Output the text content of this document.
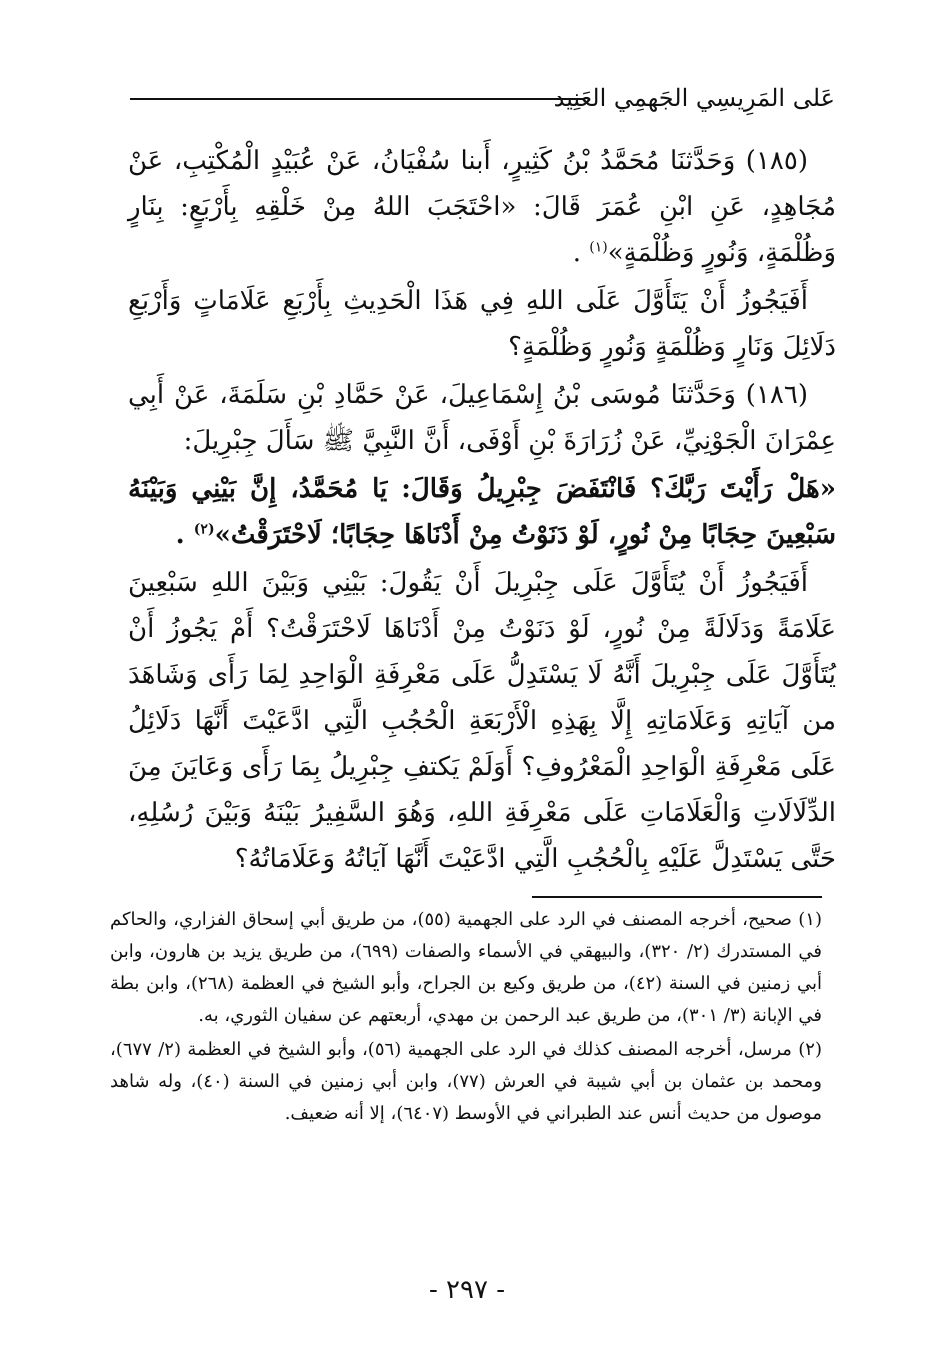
عَلى المَرِيسِي الجَهمِي العَنِيد

(١٨٥) وَحَدَّثنَا مُحَمَّدُ بْنُ كَثِيرٍ، أَبنا سُفْيَانُ، عَنْ عُبَيْدٍ الْمُكْتِبِ، عَنْ مُجَاهِدٍ، عَنِ ابْنِ عُمَرَ قَالَ: «احْتَجَبَ اللهُ مِنْ خَلْقِهِ بِأَرْبَعٍ: بِنَارٍ وَظُلْمَةٍ، وَنُورٍ وَظُلْمَةٍ»$^{(١)}$ .

أَفَيَجُوزُ أَنْ يَتَأَوَّلَ عَلَى اللهِ فِي هَذَا الْحَدِيثِ بِأَرْبَعِ عَلَامَاتٍ وَأَرْبَعِ دَلَائِلَ وَنَارٍ وَظُلْمَةٍ وَنُورٍ وَظُلْمَةٍ؟

(١٨٦) وَحَدَّثنَا مُوسَى بْنُ إِسْمَاعِيلَ، عَنْ حَمَّادِ بْنِ سَلَمَةَ، عَنْ أَبِي عِمْرَانَ الْجَوْنِيِّ، عَنْ زُرَارَةَ بْنِ أَوْفَى، أَنَّ النَّبِيَّ ﷺ سَأَلَ جِبْرِيلَ:

«هَلْ رَأَيْتَ رَبَّكَ؟ فَانْتَفَضَ جِبْرِيلُ وَقَالَ: يَا مُحَمَّدُ، إِنَّ بَيْنِي وَبَيْنَهُ سَبْعِينَ حِجَابًا مِنْ نُورٍ، لَوْ دَنَوْتُ مِنْ أَدْنَاهَا حِجَابًا؛ لَاحْتَرَقْتُ»$^{(٢)}$ .

أَفَيَجُوزُ أَنْ يُتَأَوَّلَ عَلَى جِبْرِيلَ أَنْ يَقُولَ: بَيْنِي وَبَيْنَ اللهِ سَبْعِينَ عَلَامَةً وَدَلَالَةً مِنْ نُورٍ، لَوْ دَنَوْتُ مِنْ أَدْنَاهَا لَاحْتَرَقْتُ؟ أَمْ يَجُوزُ أَنْ يُتَأَوَّلَ عَلَى جِبْرِيلَ أَنَّهُ لَا يَسْتَدِلُّ عَلَى مَعْرِفَةِ الْوَاحِدِ لِمَا رَأَى وَشَاهَدَ من آيَاتِهِ وَعَلَامَاتِهِ إِلَّا بِهَذِهِ الْأَرْبَعَةِ الْحُجُبِ الَّتِي ادَّعَيْتَ أَنَّهَا دَلَائِلُ عَلَى مَعْرِفَةِ الْوَاحِدِ الْمَعْرُوفِ؟ أَوَلَمْ يَكتفِ جِبْرِيلُ بِمَا رَأَى وَعَايَنَ مِنَ الدِّلَالَاتِ وَالْعَلَامَاتِ عَلَى مَعْرِفَةِ اللهِ، وَهُوَ السَّفِيرُ بَيْنَهُ وَبَيْنَ رُسُلِهِ، حَتَّى يَسْتَدِلَّ عَلَيْهِ بِالْحُجُبِ الَّتِي ادَّعَيْتَ أَنَّهَا آيَاتُهُ وَعَلَامَاتُهُ؟

(١) صحيح، أخرجه المصنف في الرد على الجهمية (٥٥)، من طريق أبي إسحاق الفزاري، والحاكم في المستدرك (٢/ ٣٢٠)، والبيهقي في الأسماء والصفات (٦٩٩)، من طريق يزيد بن هارون، وابن أبي زمنين في السنة (٤٢)، من طريق وكيع بن الجراح، وأبو الشيخ في العظمة (٢٦٨)، وابن بطة في الإبانة (٣/ ٣٠١)، من طريق عبد الرحمن بن مهدي، أربعتهم عن سفيان الثوري، به.

(٢) مرسل، أخرجه المصنف كذلك في الرد على الجهمية (٥٦)، وأبو الشيخ في العظمة (٢/ ٦٧٧)، ومحمد بن عثمان بن أبي شيبة في العرش (٧٧)، وابن أبي زمنين في السنة (٤٠)، وله شاهد موصول من حديث أنس عند الطبراني في الأوسط (٦٤٠٧)، إلا أنه ضعيف.

- ٢٩٧ -
